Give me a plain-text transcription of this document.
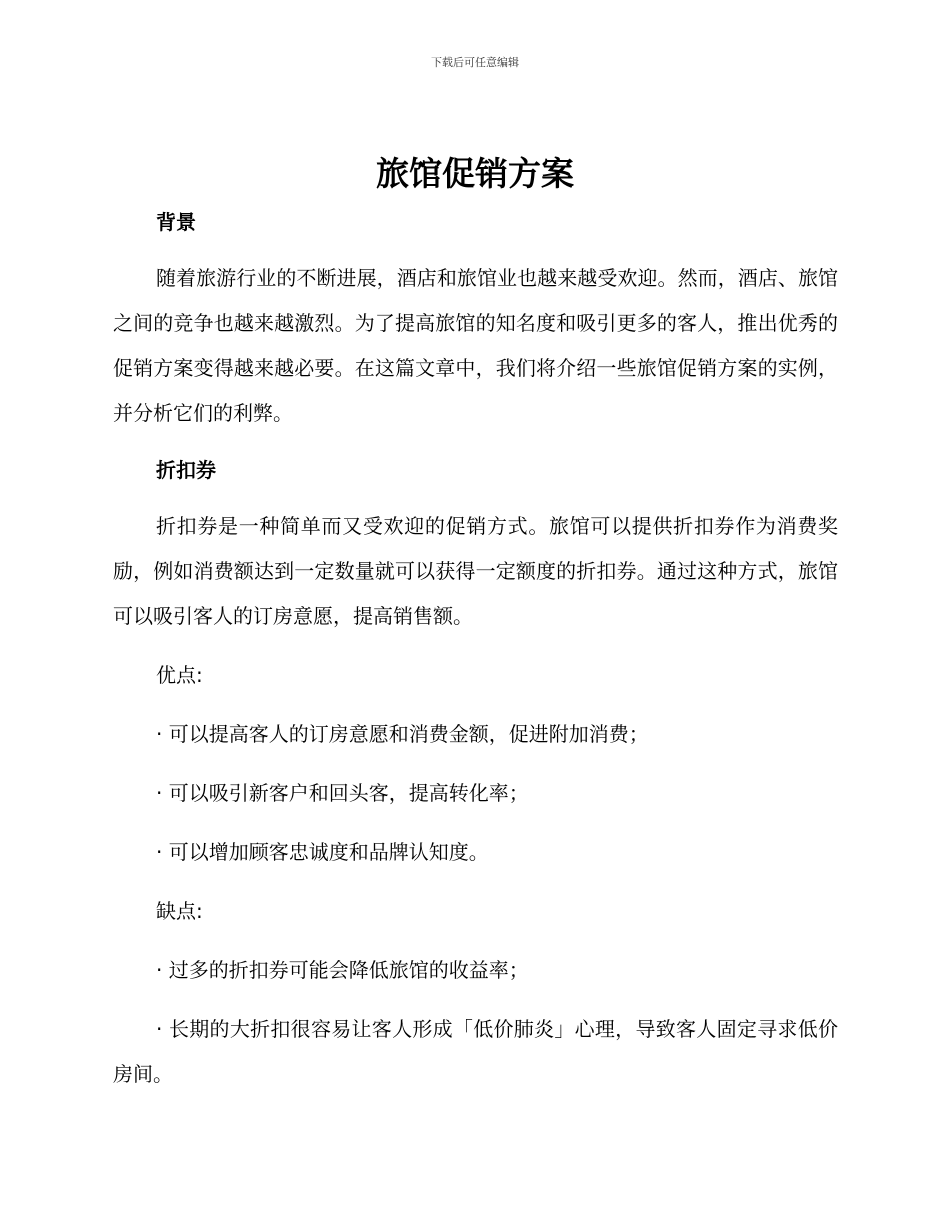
下载后可任意编辑
旅馆促销方案
背景

随着旅游行业的不断进展，酒店和旅馆业也越来越受欢迎。然而，酒店、旅馆之间的竞争也越来越激烈。为了提高旅馆的知名度和吸引更多的客人，推出优秀的促销方案变得越来越必要。在这篇文章中，我们将介绍一些旅馆促销方案的实例，并分析它们的利弊。

折扣券

折扣券是一种简单而又受欢迎的促销方式。旅馆可以提供折扣券作为消费奖励，例如消费额达到一定数量就可以获得一定额度的折扣券。通过这种方式，旅馆可以吸引客人的订房意愿，提高销售额。

优点:

· 可以提高客人的订房意愿和消费金额，促进附加消费；

· 可以吸引新客户和回头客，提高转化率；

· 可以增加顾客忠诚度和品牌认知度。

缺点:

· 过多的折扣券可能会降低旅馆的收益率；

· 长期的大折扣很容易让客人形成「低价肺炎」心理，导致客人固定寻求低价房间。
